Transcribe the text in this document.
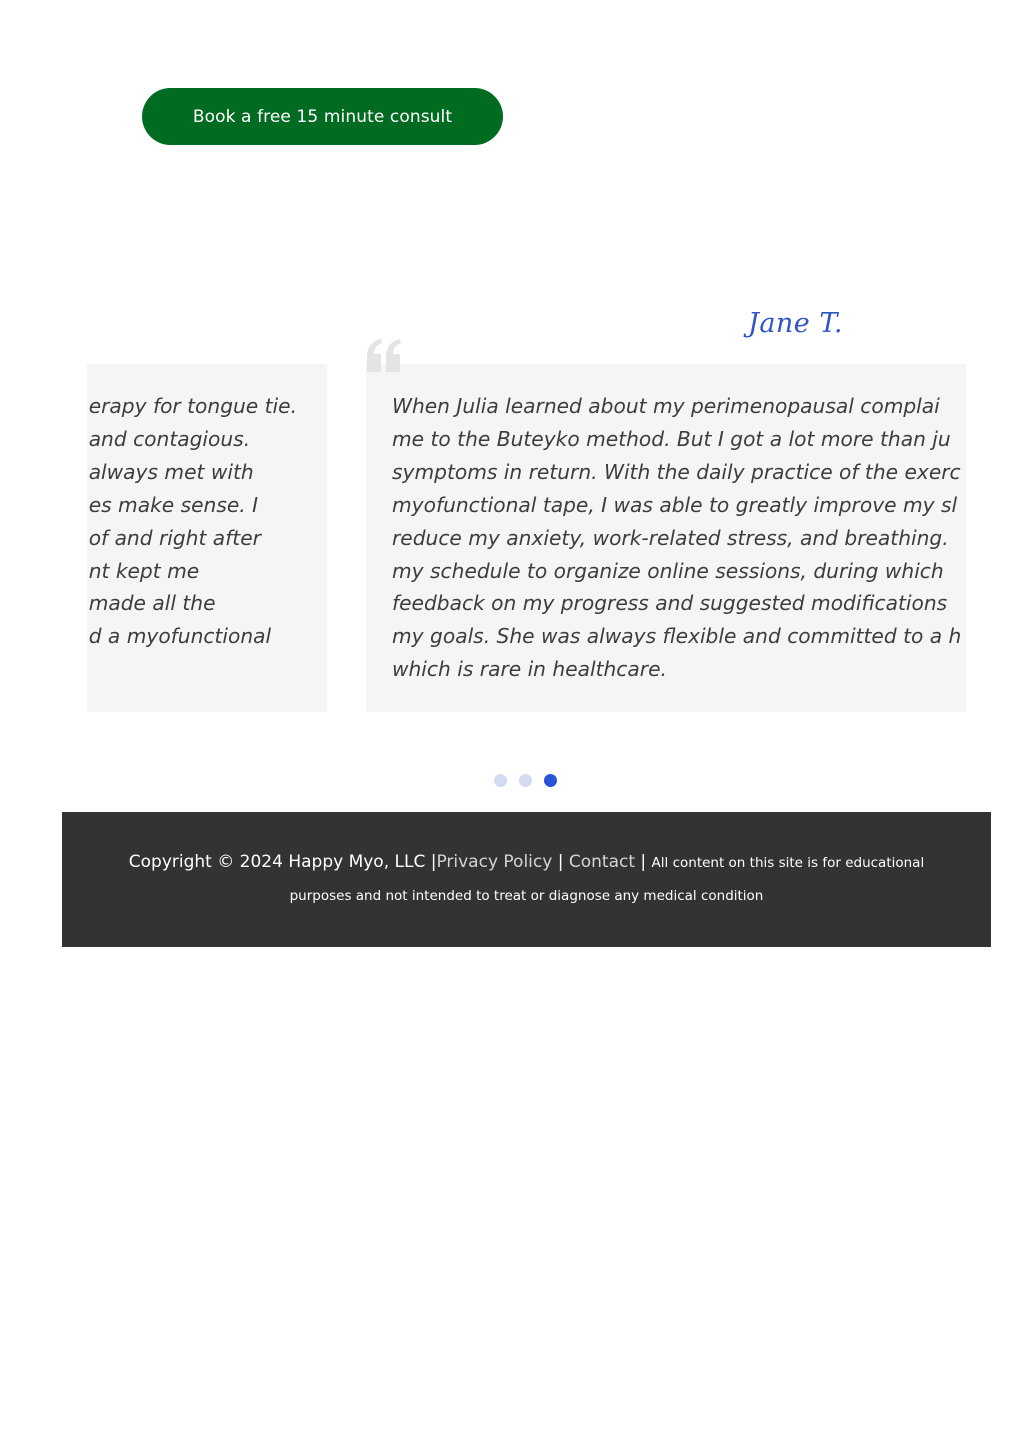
Book a free 15 minute consult

erapy for tongue tie.
and contagious.
always met with
es make sense. I
of and right after
nt kept me
made all the
d a myofunctional

When Julia learned about my perimenopausal complai
me to the Buteyko method. But I got a lot more than ju
symptoms in return. With the daily practice of the exerc
myofunctional tape, I was able to greatly improve my sl
reduce my anxiety, work-related stress, and breathing.
my schedule to organize online sessions, during which
feedback on my progress and suggested modifications
my goals. She was always flexible and committed to a h
which is rare in healthcare.

Jane T.
Copyright © 2024 Happy Myo, LLC |Privacy Policy | Contact | All content on this site is for educational
purposes and not intended to treat or diagnose any medical condition
